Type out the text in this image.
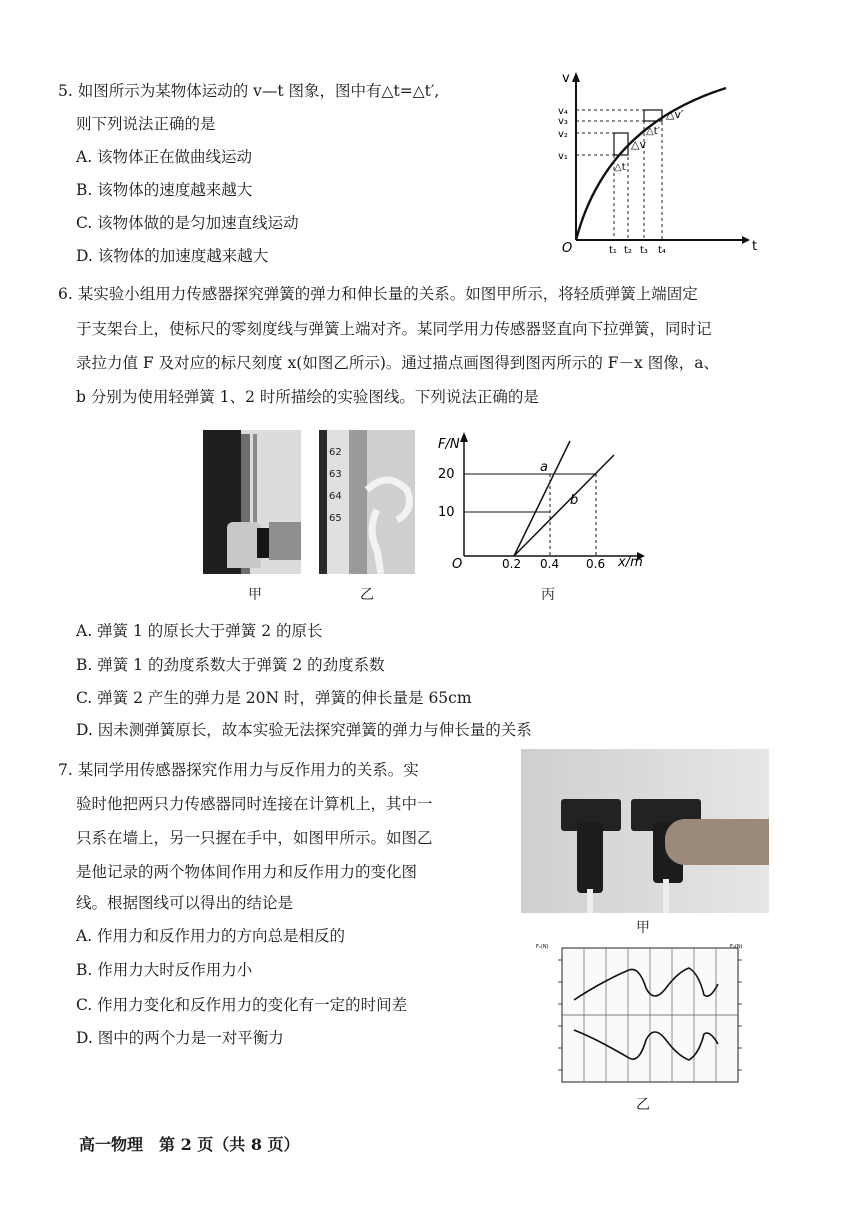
5. 如图所示为某物体运动的 v—t 图象，图中有△t=△t′,
则下列说法正确的是
A. 该物体正在做曲线运动
B. 该物体的速度越来越大
C. 该物体做的是匀加速直线运动
D. 该物体的加速度越来越大
v
t
O
v₄
v₃
v₂
v₁
t₁ t₂ t₃ t₄
△t
△v
△t′
△v′
6. 某实验小组用力传感器探究弹簧的弹力和伸长量的关系。如图甲所示，将轻质弹簧上端固定
于支架台上，使标尺的零刻度线与弹簧上端对齐。某同学用力传感器竖直向下拉弹簧，同时记
录拉力值 F 及对应的标尺刻度 x(如图乙所示)。通过描点画图得到图丙所示的 F－x 图像，a、
b 分别为使用轻弹簧 1、2 时所描绘的实验图线。下列说法正确的是
62
63
64
65
F/N
x/m
O
20
10
0.2 0.4 0.6
a
b
甲	乙	丙
A. 弹簧 1 的原长大于弹簧 2 的原长
B. 弹簧 1 的劲度系数大于弹簧 2 的劲度系数
C. 弹簧 2 产生的弹力是 20N 时，弹簧的伸长量是 65cm
D. 因未测弹簧原长，故本实验无法探究弹簧的弹力与伸长量的关系
7. 某同学用传感器探究作用力与反作用力的关系。实
验时他把两只力传感器同时连接在计算机上，其中一
只系在墙上，另一只握在手中，如图甲所示。如图乙
是他记录的两个物体间作用力和反作用力的变化图
线。根据图线可以得出的结论是
A. 作用力和反作用力的方向总是相反的
B. 作用力大时反作用力小
C. 作用力变化和反作用力的变化有一定的时间差
D. 图中的两个力是一对平衡力
甲
F₁(N)	F₂(N)
乙
高一物理　第 2 页（共 8 页）
